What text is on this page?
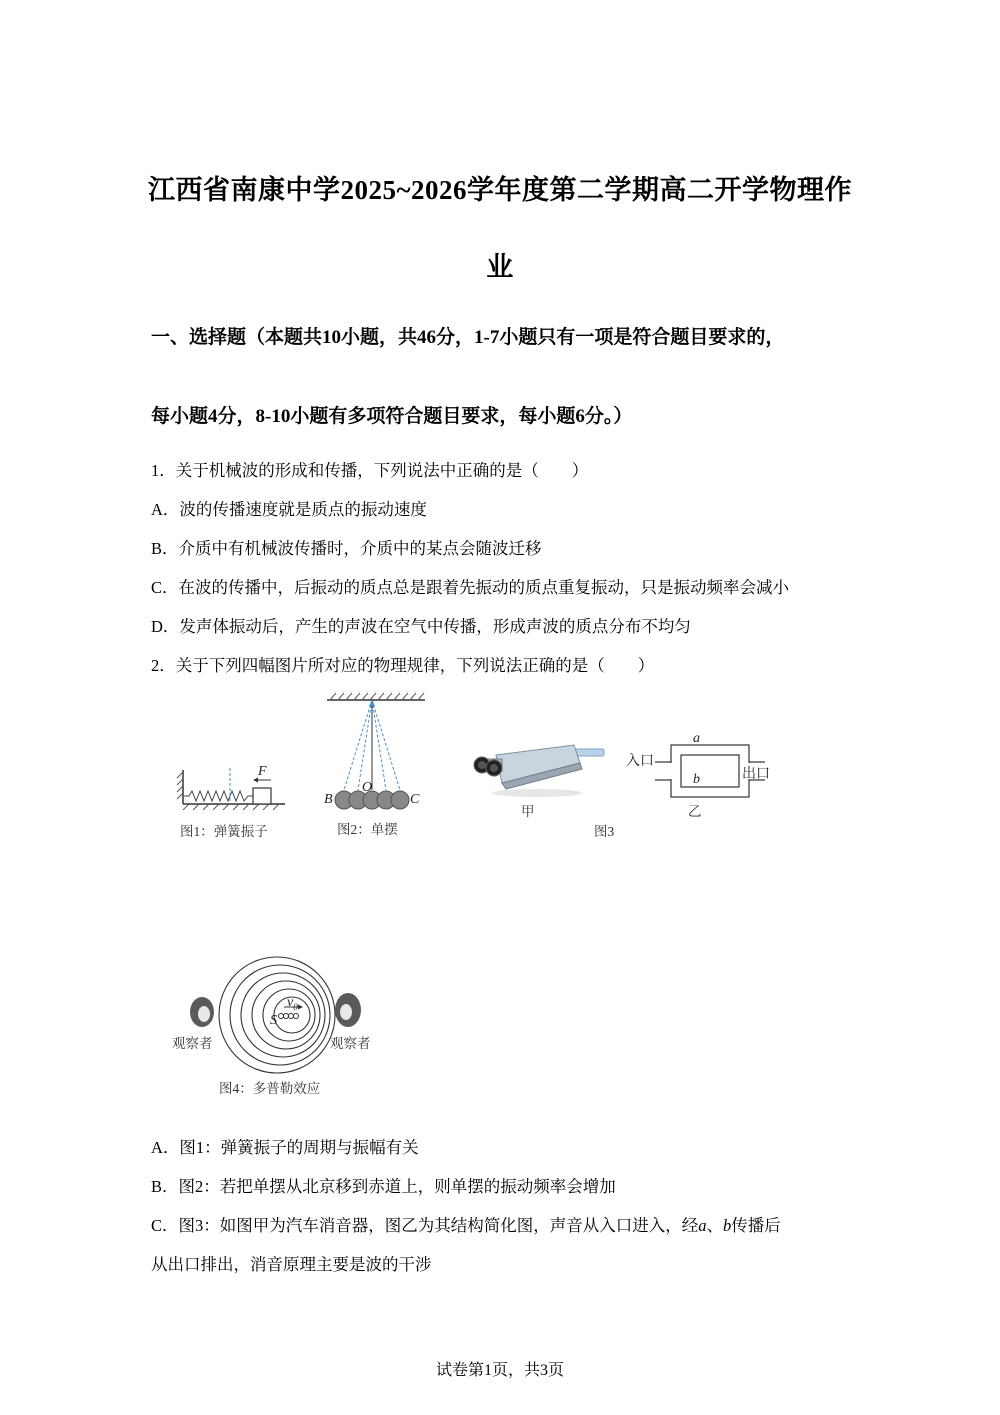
江西省南康中学2025~2026学年度第二学期高二开学物理作
业
一、选择题（本题共10小题，共46分，1-7小题只有一项是符合题目要求的，
每小题4分，8-10小题有多项符合题目要求，每小题6分。）
1．关于机械波的形成和传播，下列说法中正确的是（　　）
A．波的传播速度就是质点的振动速度
B．介质中有机械波传播时，介质中的某点会随波迁移
C．在波的传播中，后振动的质点总是跟着先振动的质点重复振动，只是振动频率会减小
D．发声体振动后，产生的声波在空气中传播，形成声波的质点分布不均匀
2．关于下列四幅图片所对应的物理规律，下列说法正确的是（　　）
F
图1：弹簧振子
B
O
C
图2：单摆
甲
a
b
入口
出口
乙
图3
S
$v_0$
观察者	观察者
图4：多普勒效应
A．图1：弹簧振子的周期与振幅有关
B．图2：若把单摆从北京移到赤道上，则单摆的振动频率会增加
C．图3：如图甲为汽车消音器，图乙为其结构简化图，声音从入口进入，经a、b传播后
从出口排出，消音原理主要是波的干涉
试卷第1页，共3页
